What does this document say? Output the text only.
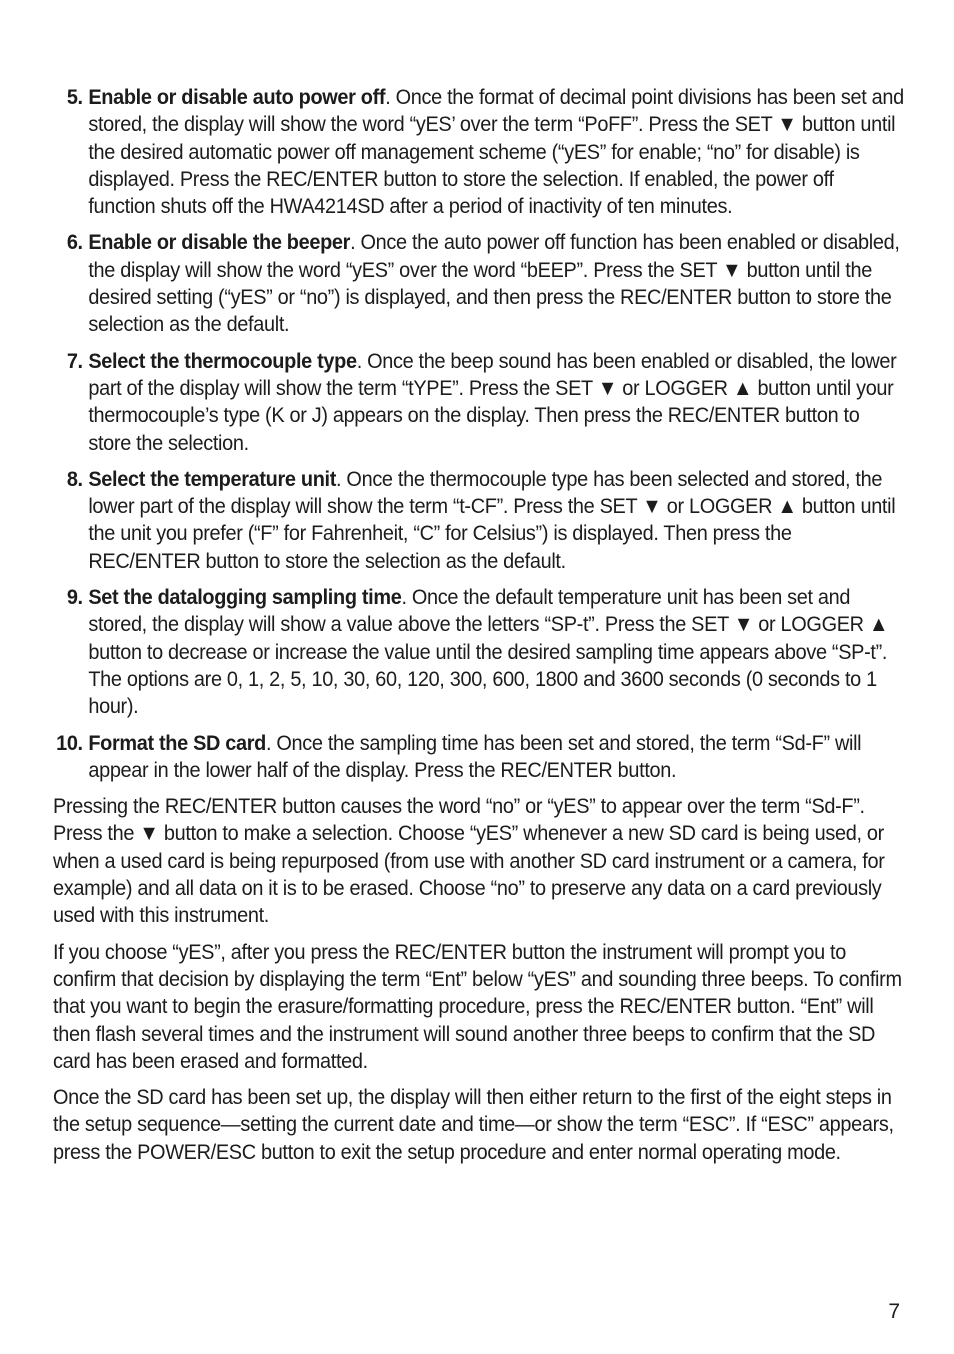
5. Enable or disable auto power off. Once the format of decimal point divisions has been set and stored, the display will show the word “yES’ over the term “PoFF”. Press the SET ▼ button until the desired automatic power off management scheme (“yES” for enable; “no” for disable) is displayed. Press the REC/ENTER button to store the selection. If enabled, the power off function shuts off the HWA4214SD after a period of inactivity of ten minutes.
6. Enable or disable the beeper. Once the auto power off function has been enabled or disabled, the display will show the word “yES” over the word “bEEP”. Press the SET ▼ button until the desired setting (“yES” or “no”) is displayed, and then press the REC/ENTER button to store the selection as the default.
7. Select the thermocouple type. Once the beep sound has been enabled or disabled, the lower part of the display will show the term “tYPE”. Press the SET ▼ or LOGGER ▲ button until your thermocouple’s type (K or J) appears on the display. Then press the REC/ENTER button to store the selection.
8. Select the temperature unit. Once the thermocouple type has been selected and stored, the lower part of the display will show the term “t-CF”. Press the SET ▼ or LOGGER ▲ button until the unit you prefer (“F” for Fahrenheit, “C” for Celsius”) is displayed. Then press the REC/ENTER button to store the selection as the default.
9. Set the datalogging sampling time. Once the default temperature unit has been set and stored, the display will show a value above the letters “SP-t”. Press the SET ▼ or LOGGER ▲ button to decrease or increase the value until the desired sampling time appears above “SP-t”. The options are 0, 1, 2, 5, 10, 30, 60, 120, 300, 600, 1800 and 3600 seconds (0 seconds to 1 hour).
10. Format the SD card. Once the sampling time has been set and stored, the term “Sd-F” will appear in the lower half of the display. Press the REC/ENTER button.

Pressing the REC/ENTER button causes the word “no” or “yES” to appear over the term “Sd-F”. Press the ▼ button to make a selection. Choose “yES” whenever a new SD card is being used, or when a used card is being repurposed (from use with another SD card instrument or a camera, for example) and all data on it is to be erased. Choose “no” to preserve any data on a card previously used with this instrument.

If you choose “yES”, after you press the REC/ENTER button the instrument will prompt you to confirm that decision by displaying the term “Ent” below “yES” and sounding three beeps. To confirm that you want to begin the erasure/formatting procedure, press the REC/ENTER button. “Ent” will then flash several times and the instrument will sound another three beeps to confirm that the SD card has been erased and formatted.

Once the SD card has been set up, the display will then either return to the first of the eight steps in the setup sequence—setting the current date and time—or show the term “ESC”. If “ESC” appears, press the POWER/ESC button to exit the setup procedure and enter normal operating mode.

7
